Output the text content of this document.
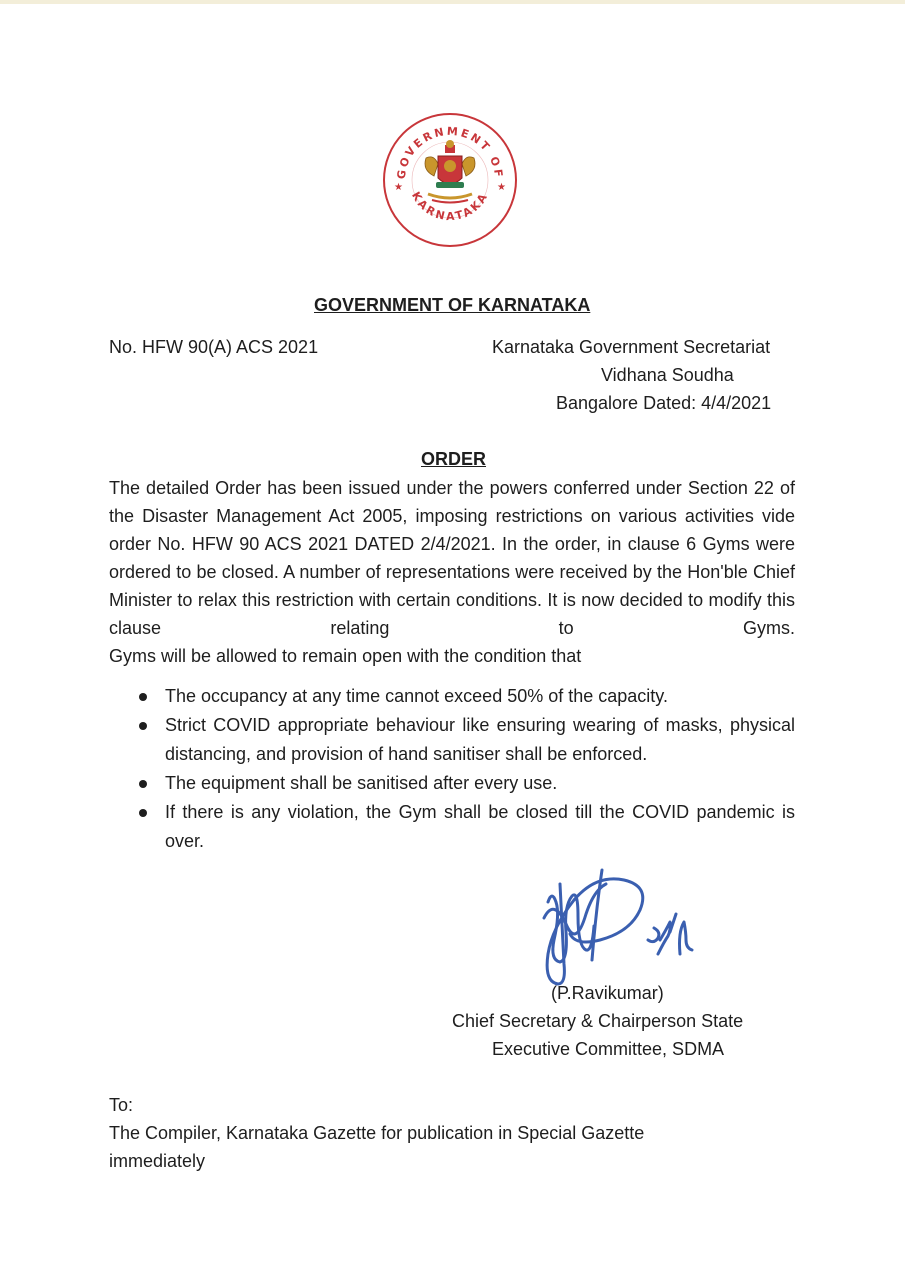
GOVERNMENT OF
KARNATAKA
★	★
GOVERNMENT OF KARNATAKA
No. HFW 90(A) ACS 2021	Karnataka Government Secretariat
Vidhana Soudha
Bangalore Dated: 4/4/2021
ORDER

The detailed Order has been issued under the powers conferred under Section 22 of the Disaster Management Act 2005, imposing restrictions on various activities vide order No. HFW 90 ACS 2021 DATED 2/4/2021. In the order, in clause 6 Gyms were ordered to be closed. A number of representations were received by the Hon'ble Chief Minister to relax this restriction with certain conditions. It is now decided to modify this clause relating to Gyms.

Gyms will be allowed to remain open with the condition that

The occupancy at any time cannot exceed 50% of the capacity.
Strict COVID appropriate behaviour like ensuring wearing of masks, physical distancing, and provision of hand sanitiser shall be enforced.
The equipment shall be sanitised after every use.
If there is any violation, the Gym shall be closed till the COVID pandemic is over.
(P.Ravikumar)
Chief Secretary & Chairperson State
Executive Committee, SDMA
To:
The Compiler, Karnataka Gazette for publication in Special Gazette
immediately
